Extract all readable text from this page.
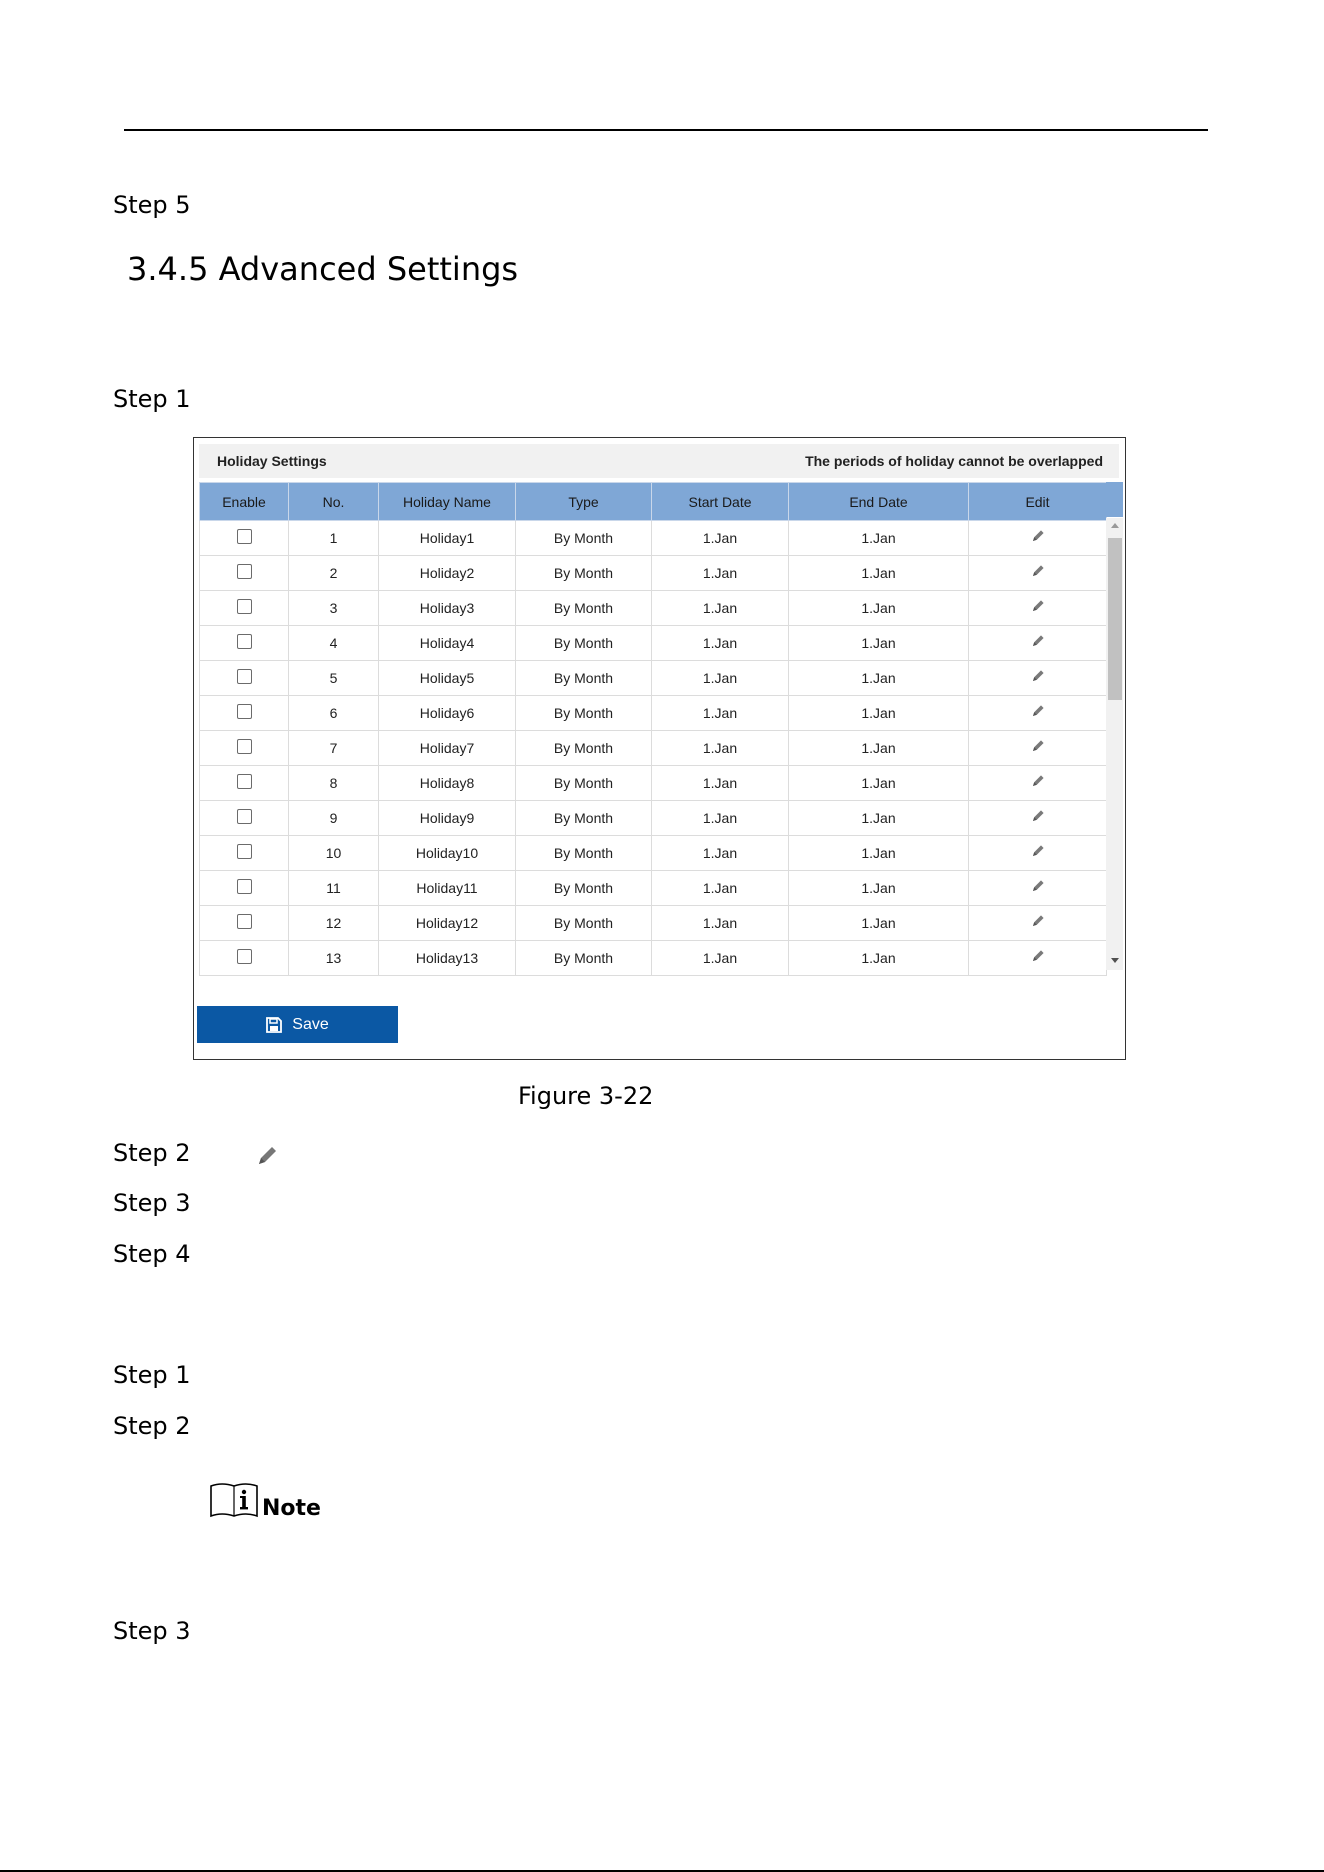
Step 5
3.4.5 Advanced Settings
Step 1
Holiday Settings	The periods of holiday cannot be overlapped
Enable	No.	Holiday Name	Type	Start Date	End Date	Edit
	1	Holiday1	By Month	1.Jan	1.Jan	
	2	Holiday2	By Month	1.Jan	1.Jan	
	3	Holiday3	By Month	1.Jan	1.Jan	
	4	Holiday4	By Month	1.Jan	1.Jan	
	5	Holiday5	By Month	1.Jan	1.Jan	
	6	Holiday6	By Month	1.Jan	1.Jan	
	7	Holiday7	By Month	1.Jan	1.Jan	
	8	Holiday8	By Month	1.Jan	1.Jan	
	9	Holiday9	By Month	1.Jan	1.Jan	
	10	Holiday10	By Month	1.Jan	1.Jan	
	11	Holiday11	By Month	1.Jan	1.Jan	
	12	Holiday12	By Month	1.Jan	1.Jan	
	13	Holiday13	By Month	1.Jan	1.Jan	
Save
Figure 3-22
Step 2
Step 3
Step 4
Step 1
Step 2
Note
Step 3
